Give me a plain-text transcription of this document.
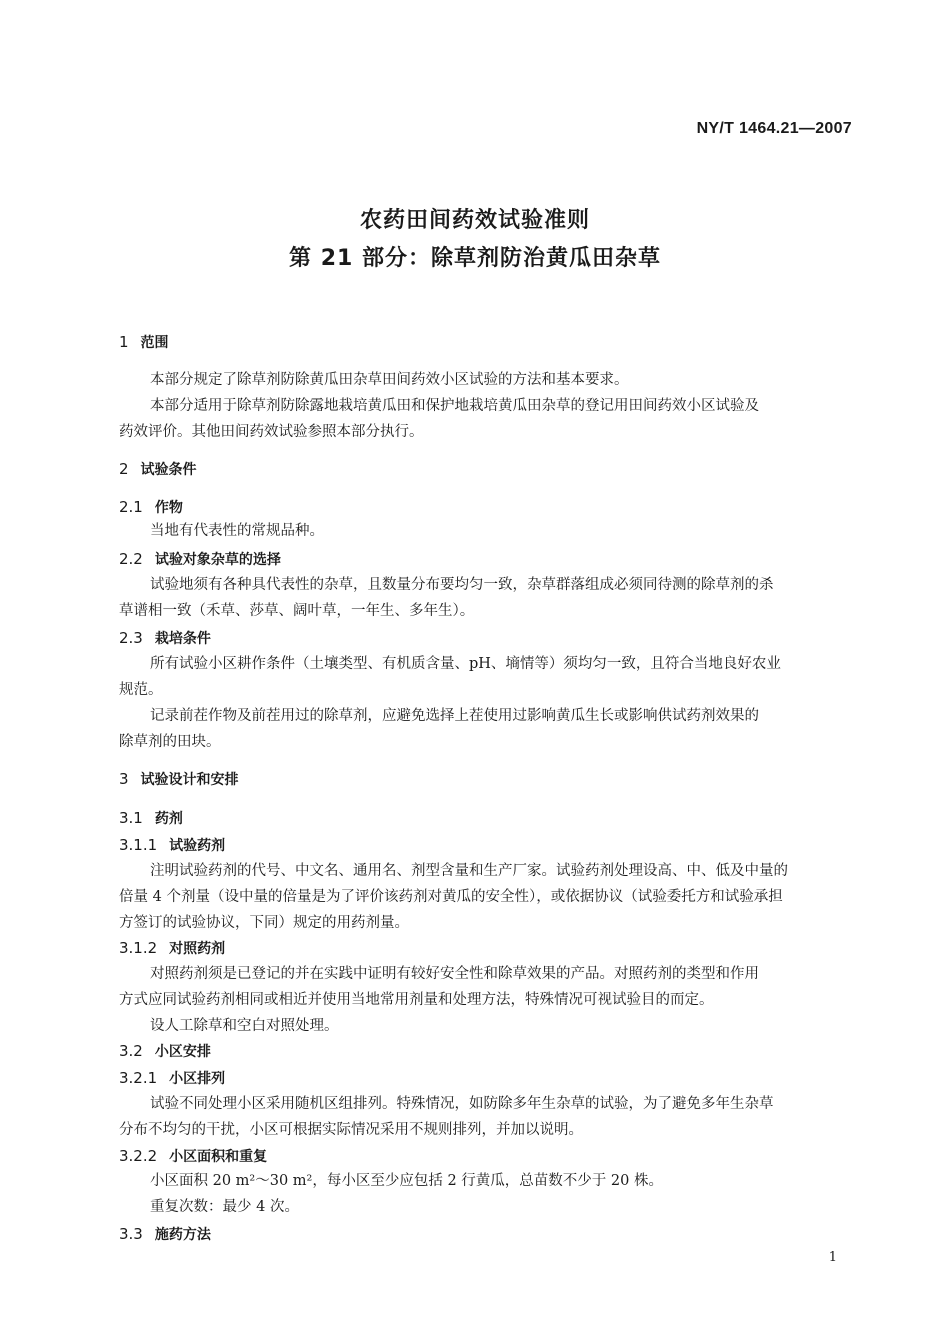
NY/T 1464.21—2007
农药田间药效试验准则
第 21 部分：除草剂防治黄瓜田杂草
1 范围
本部分规定了除草剂防除黄瓜田杂草田间药效小区试验的方法和基本要求。
本部分适用于除草剂防除露地栽培黄瓜田和保护地栽培黄瓜田杂草的登记用田间药效小区试验及
药效评价。其他田间药效试验参照本部分执行。
2 试验条件
2.1 作物
当地有代表性的常规品种。
2.2 试验对象杂草的选择
试验地须有各种具代表性的杂草，且数量分布要均匀一致，杂草群落组成必须同待测的除草剂的杀
草谱相一致（禾草、莎草、阔叶草，一年生、多年生）。
2.3 栽培条件
所有试验小区耕作条件（土壤类型、有机质含量、pH、墒情等）须均匀一致，且符合当地良好农业
规范。
记录前茬作物及前茬用过的除草剂，应避免选择上茬使用过影响黄瓜生长或影响供试药剂效果的
除草剂的田块。
3 试验设计和安排
3.1 药剂
3.1.1 试验药剂
注明试验药剂的代号、中文名、通用名、剂型含量和生产厂家。试验药剂处理设高、中、低及中量的
倍量 4 个剂量（设中量的倍量是为了评价该药剂对黄瓜的安全性），或依据协议（试验委托方和试验承担
方签订的试验协议，下同）规定的用药剂量。
3.1.2 对照药剂
对照药剂须是已登记的并在实践中证明有较好安全性和除草效果的产品。对照药剂的类型和作用
方式应同试验药剂相同或相近并使用当地常用剂量和处理方法，特殊情况可视试验目的而定。
设人工除草和空白对照处理。
3.2 小区安排
3.2.1 小区排列
试验不同处理小区采用随机区组排列。特殊情况，如防除多年生杂草的试验，为了避免多年生杂草
分布不均匀的干扰，小区可根据实际情况采用不规则排列，并加以说明。
3.2.2 小区面积和重复
小区面积 20 m²～30 m²，每小区至少应包括 2 行黄瓜，总苗数不少于 20 株。
重复次数：最少 4 次。
3.3 施药方法
1
